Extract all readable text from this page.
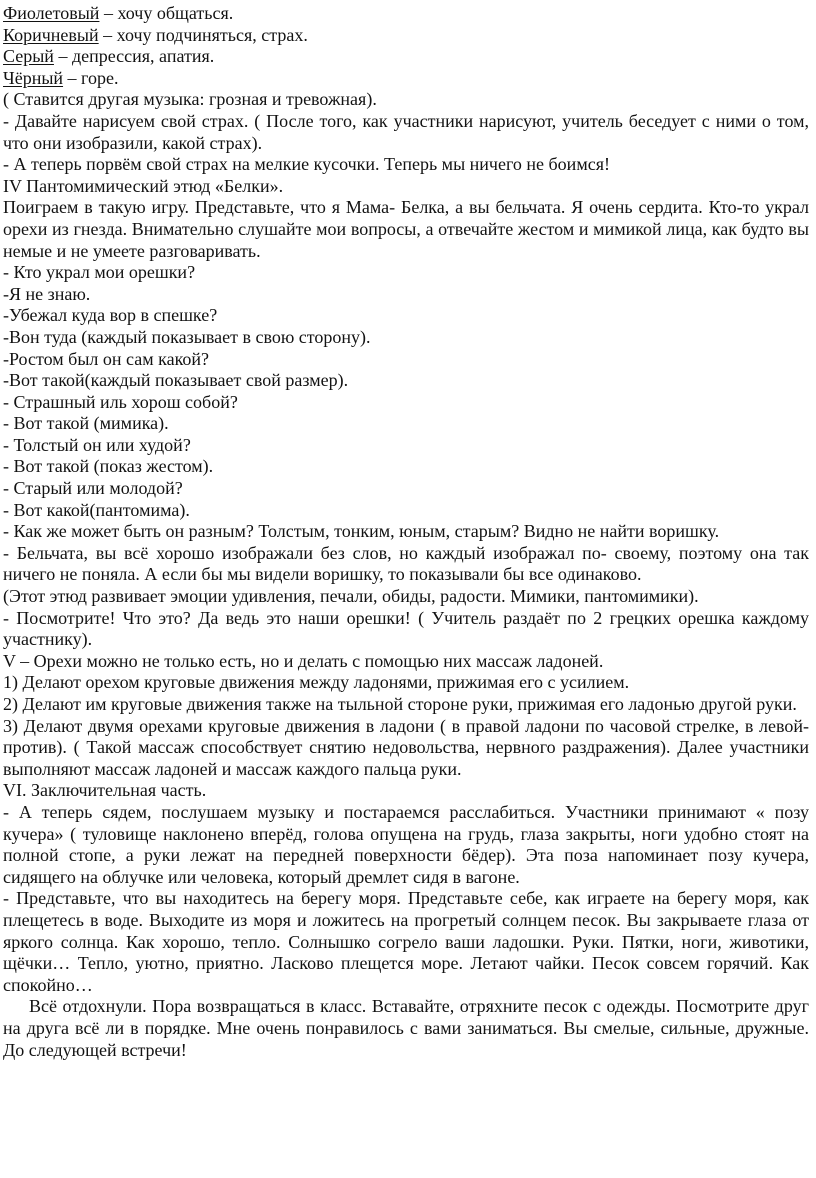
Фиолетовый – хочу общаться.

Коричневый – хочу подчиняться, страх.

Серый – депрессия, апатия.

Чёрный – горе.

( Ставится другая музыка: грозная и тревожная).

- Давайте нарисуем свой страх. ( После того, как участники нарисуют, учитель беседует с ними о том, что они изобразили, какой страх).

- А теперь порвём свой страх на мелкие кусочки. Теперь мы ничего не боимся!

IV Пантомимический этюд «Белки».

Поиграем в такую игру. Представьте, что я Мама- Белка, а вы бельчата. Я очень сердита. Кто-то украл орехи из гнезда. Внимательно слушайте мои вопросы, а отвечайте жестом и мимикой лица, как будто вы немые и не умеете разговаривать.

- Кто украл мои орешки?

-Я не знаю.

-Убежал куда вор в спешке?

-Вон туда (каждый показывает в свою сторону).

-Ростом был он сам какой?

-Вот такой(каждый показывает свой размер).

- Страшный иль хорош собой?

- Вот такой (мимика).

- Толстый он или худой?

- Вот такой (показ жестом).

- Старый или молодой?

- Вот какой(пантомима).

- Как же может быть он разным? Толстым, тонким, юным, старым? Видно не найти воришку.

- Бельчата, вы всё хорошо изображали без слов, но каждый изображал по- своему, поэтому она так ничего не поняла. А если бы мы видели воришку, то показывали бы все одинаково.

(Этот этюд развивает эмоции удивления, печали, обиды, радости. Мимики, пантомимики).

- Посмотрите! Что это? Да ведь это наши орешки! ( Учитель раздаёт по 2 грецких орешка каждому участнику).

V – Орехи можно не только есть, но и делать с помощью них массаж ладоней.

1) Делают орехом круговые движения между ладонями, прижимая его с усилием.

2) Делают им круговые движения также на тыльной стороне руки, прижимая его ладонью другой руки.

3) Делают двумя орехами круговые движения в ладони ( в правой ладони по часовой стрелке, в левой- против). ( Такой массаж способствует снятию недовольства, нервного раздражения). Далее участники выполняют массаж ладоней и массаж каждого пальца руки.

VI. Заключительная часть.

- А теперь сядем, послушаем музыку и постараемся расслабиться. Участники принимают « позу кучера» ( туловище наклонено вперёд, голова опущена на грудь, глаза закрыты, ноги удобно стоят на полной стопе, а руки лежат на передней поверхности бёдер). Эта поза напоминает позу кучера, сидящего на облучке или человека, который дремлет сидя в вагоне.

- Представьте, что вы находитесь на берегу моря. Представьте себе, как играете на берегу моря, как плещетесь в воде. Выходите из моря и ложитесь на прогретый солнцем песок. Вы закрываете глаза от яркого солнца. Как хорошо, тепло. Солнышко согрело ваши ладошки. Руки. Пятки, ноги, животики, щёчки… Тепло, уютно, приятно. Ласково плещется море. Летают чайки. Песок совсем горячий. Как спокойно…

Всё отдохнули. Пора возвращаться в класс. Вставайте, отряхните песок с одежды. Посмотрите друг на друга всё ли в порядке. Мне очень понравилось с вами заниматься. Вы смелые, сильные, дружные. До следующей встречи!
